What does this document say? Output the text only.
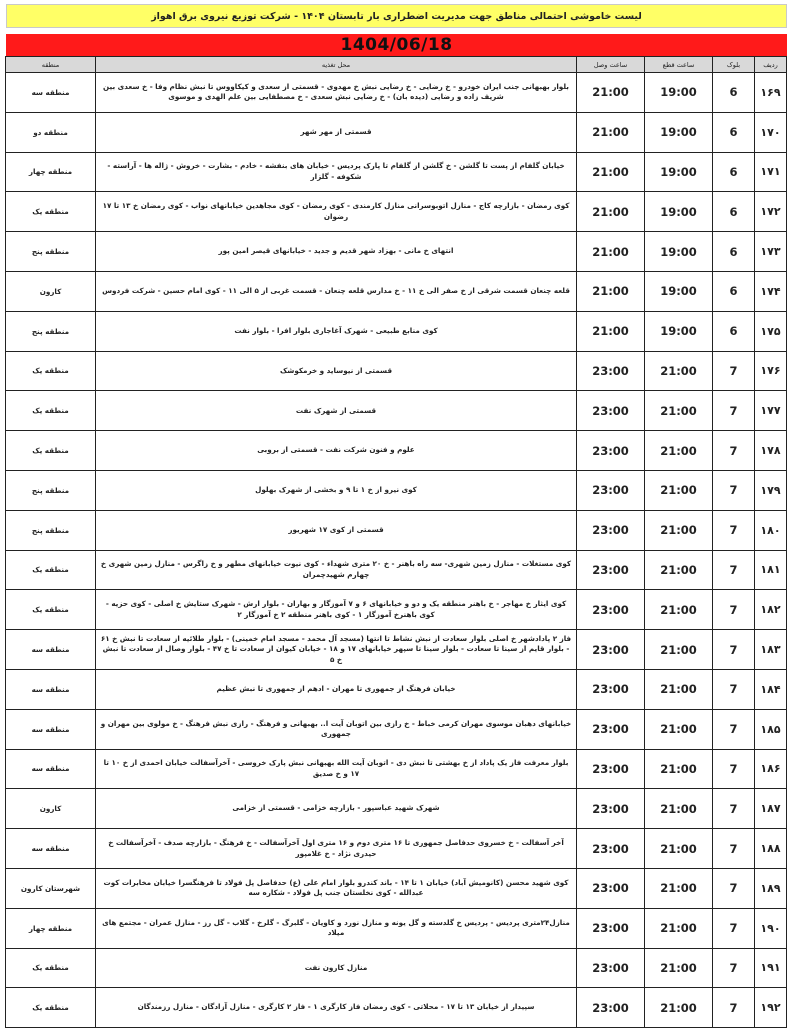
لیست خاموشی احتمالی مناطق جهت مدیریت اضطراری بار تابستان ۱۴۰۴ - شرکت توزیع نیروی برق اهواز
1404/06/18
ردیف	بلوک	ساعت قطع	ساعت وصل	محل تغذیه	منطقه
۱۶۹	6	19:00	21:00	بلوار بهبهانی جنب ایران خودرو - خ رضایی - خ رضایی نبش خ مهدوی - قسمتی از سعدی و کیکاووس تا نبش نظام وفا - خ سعدی بین شریف زاده و رضایی (دیده بان) - خ رضایی نبش سعدی - خ مصطفایی بین علم الهدی و موسوی	منطقه سه
۱۷۰	6	19:00	21:00	قسمتی از مهر شهر	منطقه دو
۱۷۱	6	19:00	21:00	خیابان گلفام از پست تا گلشن - خ گلشن از گلفام تا پارک پردیس - خیابان های بنفشه - خادم - بشارت - خروش - ژاله ها - آراسته - شکوفه - گلزار	منطقه چهار
۱۷۲	6	19:00	21:00	کوی رمضان - بازارچه کاج - منازل اتوبوسرانی منازل کارمندی - کوی رمضان - کوی مجاهدین خیابانهای نواب - کوی رمضان خ ۱۳ تا ۱۷ رضوان	منطقه یک
۱۷۳	6	19:00	21:00	انتهای خ مانی - بهزاد شهر قدیم و جدید - خیابانهای قیصر امین پور	منطقه پنج
۱۷۴	6	19:00	21:00	قلعه چنعان قسمت شرقی از خ صفر الی خ ۱۱ - خ مدارس قلعه چنعان - قسمت غربی از ۵ الی ۱۱ - کوی امام حسین - شرکت فردوس	کارون
۱۷۵	6	19:00	21:00	کوی منابع طبیعی - شهرک آغاجاری بلوار افرا - بلوار نفت	منطقه پنج
۱۷۶	7	21:00	23:00	قسمتی از نیوساید و خرمکوشک	منطقه یک
۱۷۷	7	21:00	23:00	قسمتی از شهرک نفت	منطقه یک
۱۷۸	7	21:00	23:00	علوم و فنون شرکت نفت - قسمتی از بروبی	منطقه یک
۱۷۹	7	21:00	23:00	کوی نیرو از خ ۱ تا ۹ و بخشی از شهرک بهلول	منطقه پنج
۱۸۰	7	21:00	23:00	قسمتی از کوی ۱۷ شهریور	منطقه پنج
۱۸۱	7	21:00	23:00	کوی مستغلات - منازل زمین شهری- سه راه باهنر - خ ۲۰ متری شهداء - کوی نیوت خیابانهای مطهر و خ زاگرس - منازل زمین شهری خ چهارم شهیدچمران	منطقه یک
۱۸۲	7	21:00	23:00	کوی ایثار خ مهاجر - خ باهنر منطقه یک و دو و خیابانهای ۶ و ۷ آموزگار و بهاران - بلوار ارش - شهرک ستایش خ اصلی - کوی حزیه - کوی باهنرخ آموزگار ۱ - کوی باهنر منطقه ۲ خ آموزگار ۲	منطقه یک
۱۸۳	7	21:00	23:00	فاز ۲ پادادشهر خ اصلی بلوار سعادت از نبش نشاط تا انتها (مسجد آل محمد - مسجد امام خمینی) - بلوار طلائیه از سعادت تا نبش خ ۶۱ - بلوار قایم از سینا تا سعادت - بلوار سینا تا سپهر خیابانهای ۱۷ و ۱۸ - خیابان کیوان از سعادت تا خ ۴۷ - بلوار وصال از سعادت تا نبش خ ۵	منطقه سه
۱۸۴	7	21:00	23:00	خیابان فرهنگ از جمهوری تا مهران - ادهم از جمهوری تا نبش عظیم	منطقه سه
۱۸۵	7	21:00	23:00	خیابانهای دهبان موسوی مهران کرمی خباط - خ رازی بین اتوبان آیت ا.. بهبهانی و فرهنگ - رازی نبش فرهنگ - خ مولوی بین مهران و جمهوری	منطقه سه
۱۸۶	7	21:00	23:00	بلوار معرفت فاز یک پاداد از خ بهشتی تا نبش دی - اتوبان آیت الله بهبهانی نبش پارک خروسی - آخرآسفالت خیابان احمدی از خ ۱۰ تا ۱۷ و خ صدیق	منطقه سه
۱۸۷	7	21:00	23:00	شهرک شهید عباسپور - بازارچه خزامی - قسمتی از خزامی	کارون
۱۸۸	7	21:00	23:00	آخر آسفالت - خ خسروی حدفاصل جمهوری تا ۱۶ متری دوم و ۱۶ متری اول آخرآسفالت - خ فرهنگ - بازارچه صدف - آخرآسفالت خ حیدری نژاد - خ غلامپور	منطقه سه
۱۸۹	7	21:00	23:00	کوی شهید محسن (کانومیش آباد) خیابان ۱ تا ۱۴ - باند کندرو بلوار امام علی (ع) حدفاصل پل فولاد تا فرهنگسرا خیابان مخابرات کوت عبدالله - کوی نخلستان جنب پل فولاد - شکاره سه	شهرستان کارون
۱۹۰	7	21:00	23:00	منازل۲۴متری پردیس - پردیس خ گلدسته و گل یونه و منازل نورد و کاویان - گلبرگ - گلرخ - گلاب - گل رز - منازل عمران - مجتمع های میلاد	منطقه چهار
۱۹۱	7	21:00	23:00	منازل کارون نفت	منطقه یک
۱۹۲	7	21:00	23:00	سپیدار از خیابان ۱۳ تا ۱۷ - محلاتی - کوی رمضان فاز کارگری ۱ - فاز ۲ کارگری - منازل آزادگان - منازل رزمندگان	منطقه یک
